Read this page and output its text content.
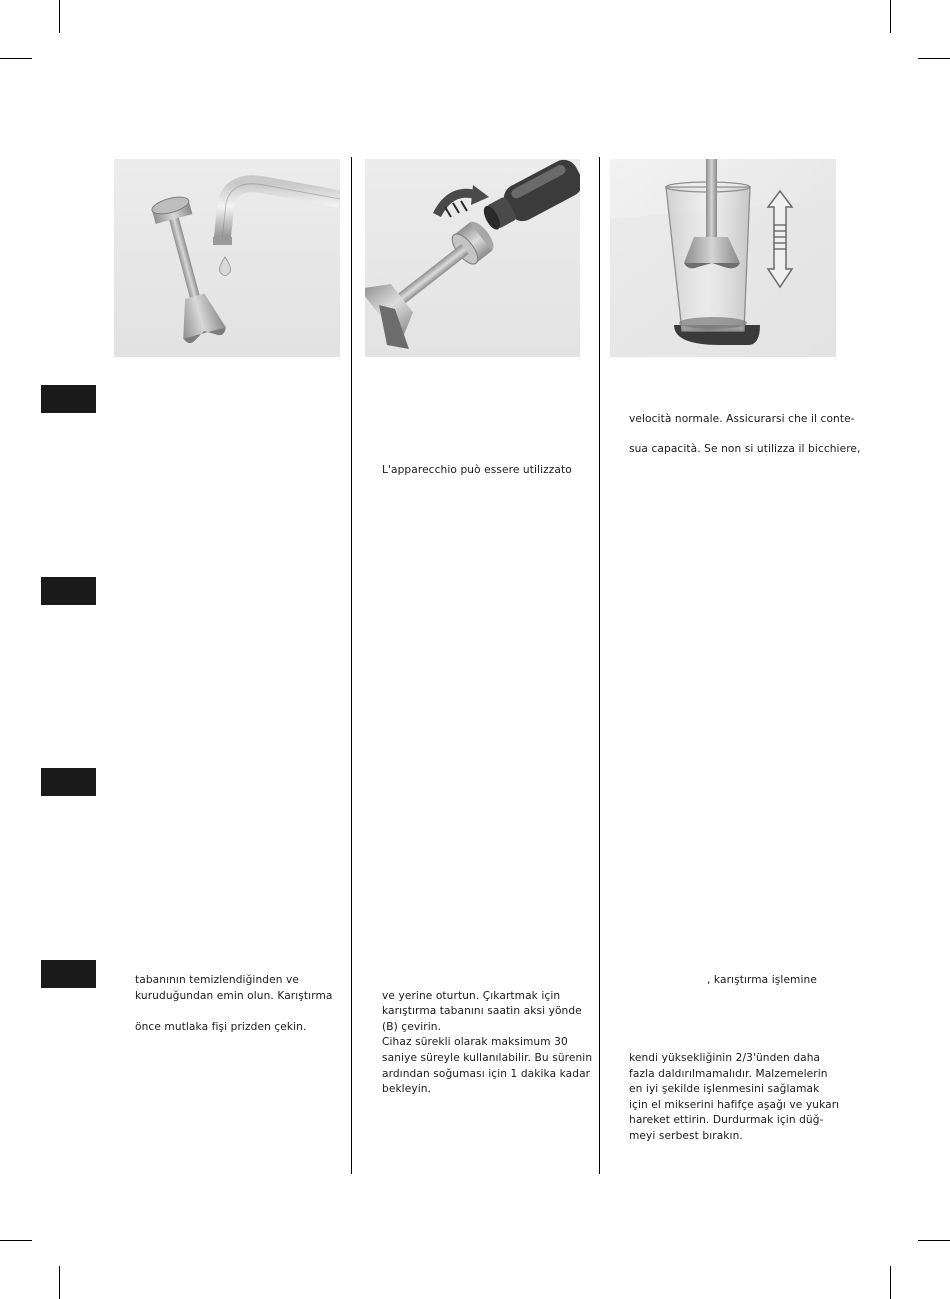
velocità normale. Assicurarsi che il conte-

sua capacità. Se non si utilizza il bicchiere,

L'apparecchio può essere utilizzato

tabanının temizlendiğinden ve

kuruduğundan emin olun. Karıştırma

önce mutlaka fişi prizden çekin.

ve yerine oturtun. Çıkartmak için

karıştırma tabanını saatin aksi yönde

(B) çevirin.

Cihaz sürekli olarak maksimum 30

saniye süreyle kullanılabilir. Bu sürenin

ardından soğuması için 1 dakika kadar

bekleyin.

, karıştırma işlemine

kendi yüksekliğinin 2/3'ünden daha

fazla daldırılmamalıdır. Malzemelerin

en iyi şekilde işlenmesini sağlamak

için el mikserini hafifçe aşağı ve yukarı

hareket ettirin. Durdurmak için düğ-

meyi serbest bırakın.
